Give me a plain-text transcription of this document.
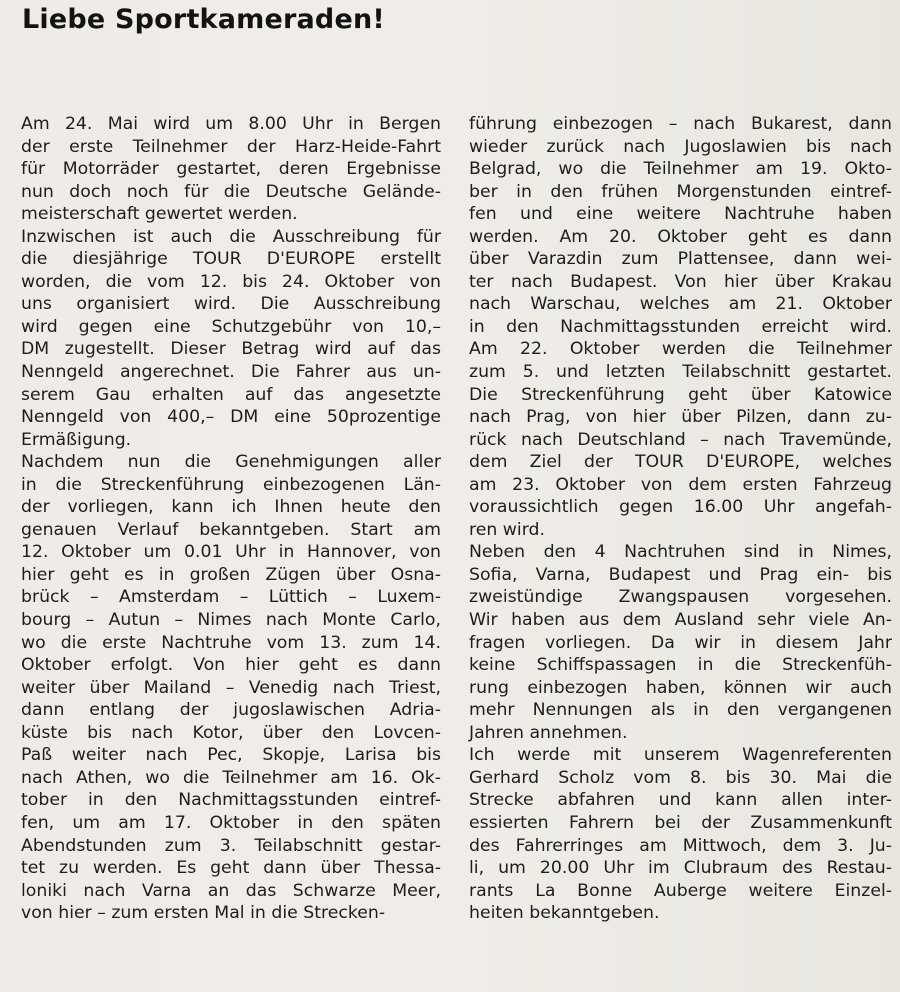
Liebe Sportkameraden!
Am 24. Mai wird um 8.00 Uhr in Bergen
der erste Teilnehmer der Harz-Heide-Fahrt
für Motorräder gestartet, deren Ergebnisse
nun doch noch für die Deutsche Gelände-
meisterschaft gewertet werden.
Inzwischen ist auch die Ausschreibung für
die diesjährige TOUR D'EUROPE erstellt
worden, die vom 12. bis 24. Oktober von
uns organisiert wird. Die Ausschreibung
wird gegen eine Schutzgebühr von 10,–
DM zugestellt. Dieser Betrag wird auf das
Nenngeld angerechnet. Die Fahrer aus un-
serem Gau erhalten auf das angesetzte
Nenngeld von 400,– DM eine 50prozentige
Ermäßigung.
Nachdem nun die Genehmigungen aller
in die Streckenführung einbezogenen Län-
der vorliegen, kann ich Ihnen heute den
genauen Verlauf bekanntgeben. Start am
12. Oktober um 0.01 Uhr in Hannover, von
hier geht es in großen Zügen über Osna-
brück – Amsterdam – Lüttich – Luxem-
bourg – Autun – Nimes nach Monte Carlo,
wo die erste Nachtruhe vom 13. zum 14.
Oktober erfolgt. Von hier geht es dann
weiter über Mailand – Venedig nach Triest,
dann entlang der jugoslawischen Adria-
küste bis nach Kotor, über den Lovcen-
Paß weiter nach Pec, Skopje, Larisa bis
nach Athen, wo die Teilnehmer am 16. Ok-
tober in den Nachmittagsstunden eintref-
fen, um am 17. Oktober in den späten
Abendstunden zum 3. Teilabschnitt gestar-
tet zu werden. Es geht dann über Thessa-
loniki nach Varna an das Schwarze Meer,
von hier – zum ersten Mal in die Strecken-
führung einbezogen – nach Bukarest, dann
wieder zurück nach Jugoslawien bis nach
Belgrad, wo die Teilnehmer am 19. Okto-
ber in den frühen Morgenstunden eintref-
fen und eine weitere Nachtruhe haben
werden. Am 20. Oktober geht es dann
über Varazdin zum Plattensee, dann wei-
ter nach Budapest. Von hier über Krakau
nach Warschau, welches am 21. Oktober
in den Nachmittagsstunden erreicht wird.
Am 22. Oktober werden die Teilnehmer
zum 5. und letzten Teilabschnitt gestartet.
Die Streckenführung geht über Katowice
nach Prag, von hier über Pilzen, dann zu-
rück nach Deutschland – nach Travemünde,
dem Ziel der TOUR D'EUROPE, welches
am 23. Oktober von dem ersten Fahrzeug
voraussichtlich gegen 16.00 Uhr angefah-
ren wird.
Neben den 4 Nachtruhen sind in Nimes,
Sofia, Varna, Budapest und Prag ein- bis
zweistündige Zwangspausen vorgesehen.
Wir haben aus dem Ausland sehr viele An-
fragen vorliegen. Da wir in diesem Jahr
keine Schiffspassagen in die Streckenfüh-
rung einbezogen haben, können wir auch
mehr Nennungen als in den vergangenen
Jahren annehmen.
Ich werde mit unserem Wagenreferenten
Gerhard Scholz vom 8. bis 30. Mai die
Strecke abfahren und kann allen inter-
essierten Fahrern bei der Zusammenkunft
des Fahrerringes am Mittwoch, dem 3. Ju-
li, um 20.00 Uhr im Clubraum des Restau-
rants La Bonne Auberge weitere Einzel-
heiten bekanntgeben.
